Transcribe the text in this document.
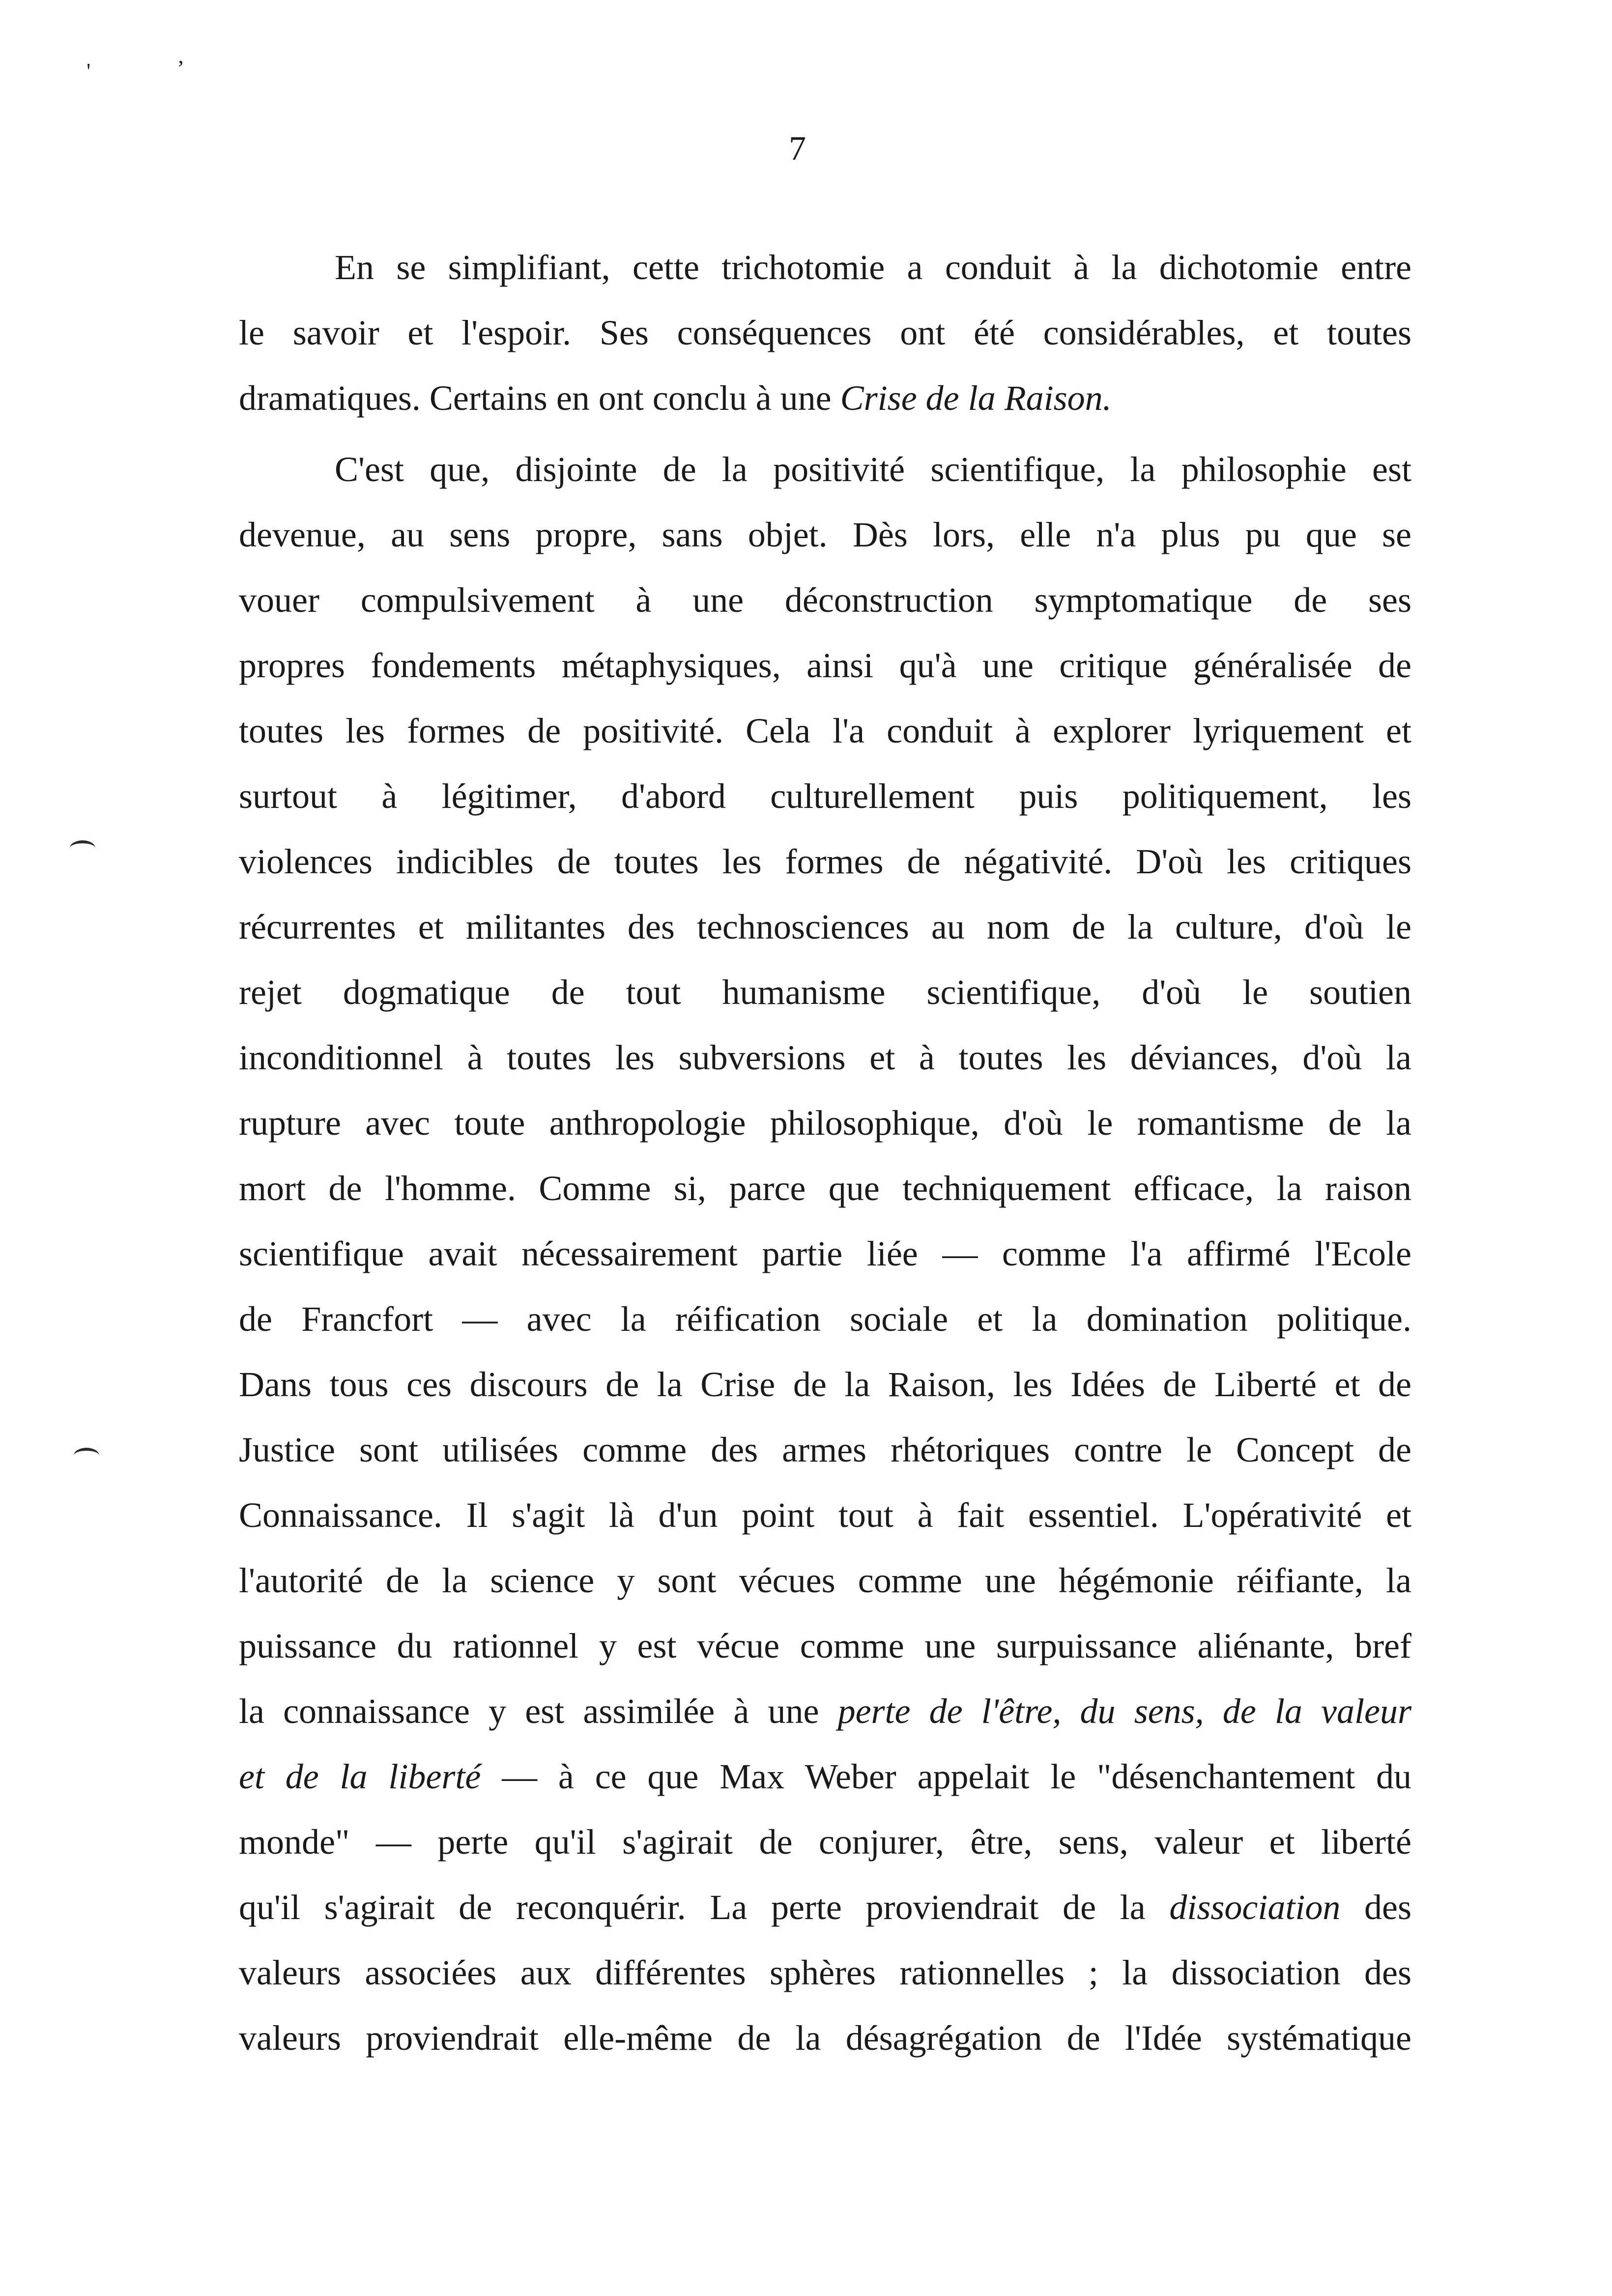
'	’
7
En se simplifiant, cette trichotomie a conduit à la dichotomie entre
le savoir et l'espoir. Ses conséquences ont été considérables, et toutes
dramatiques. Certains en ont conclu à une Crise de la Raison.
C'est que, disjointe de la positivité scientifique, la philosophie est
devenue, au sens propre, sans objet. Dès lors, elle n'a plus pu que se
vouer compulsivement à une déconstruction symptomatique de ses
propres fondements métaphysiques, ainsi qu'à une critique généralisée de
toutes les formes de positivité. Cela l'a conduit à explorer lyriquement et
surtout à légitimer, d'abord culturellement puis politiquement, les
violences indicibles de toutes les formes de négativité. D'où les critiques
récurrentes et militantes des technosciences au nom de la culture, d'où le
rejet dogmatique de tout humanisme scientifique, d'où le soutien
inconditionnel à toutes les subversions et à toutes les déviances, d'où la
rupture avec toute anthropologie philosophique, d'où le romantisme de la
mort de l'homme. Comme si, parce que techniquement efficace, la raison
scientifique avait nécessairement partie liée — comme l'a affirmé l'Ecole
de Francfort — avec la réification sociale et la domination politique.
Dans tous ces discours de la Crise de la Raison, les Idées de Liberté et de
Justice sont utilisées comme des armes rhétoriques contre le Concept de
Connaissance. Il s'agit là d'un point tout à fait essentiel. L'opérativité et
l'autorité de la science y sont vécues comme une hégémonie réifiante, la
puissance du rationnel y est vécue comme une surpuissance aliénante, bref
la connaissance y est assimilée à une perte de l'être, du sens, de la valeur
et de la liberté — à ce que Max Weber appelait le "désenchantement du
monde" — perte qu'il s'agirait de conjurer, être, sens, valeur et liberté
qu'il s'agirait de reconquérir. La perte proviendrait de la dissociation des
valeurs associées aux différentes sphères rationnelles ; la dissociation des
valeurs proviendrait elle-même de la désagrégation de l'Idée systématique
